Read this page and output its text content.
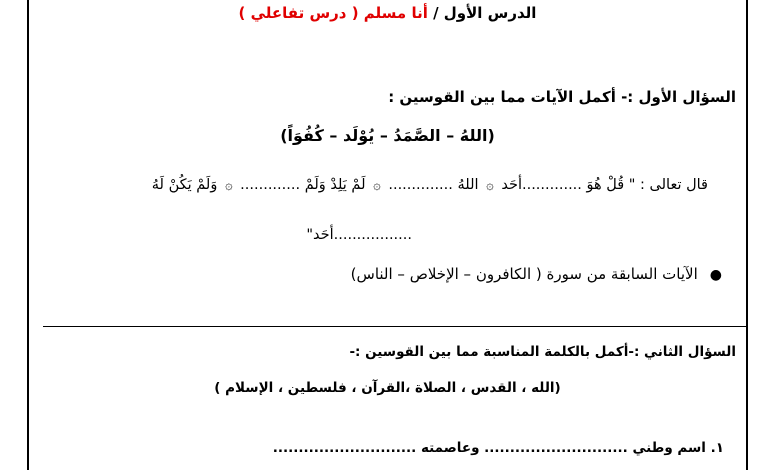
الدرس الأول / أنا مسلم ( درس تفاعلي )
السؤال الأول :- أكمل الآيات مما بين القوسين :
(اللهُ – الصَّمَدُ – يُوْلَد – كُفُوَاً)
قال تعالى : " قُلْ هُوَ .............أحَد ۞ اللهُ .............. ۞ لَمْ يَلِدْ وَلَمْ ............. ۞ وَلَمْ يَكُنْ لَهُ
.................أحَد"
●الآيات السابقة من سورة ( الكافرون – الإخلاص – الناس)
السؤال الثاني :-أكمل بالكلمة المناسبة مما بين القوسين :-
(الله ، القدس ، الصلاة ،القرآن ، فلسطين ، الإسلام )
١. اسم وطني ............................ وعاصمته ............................
